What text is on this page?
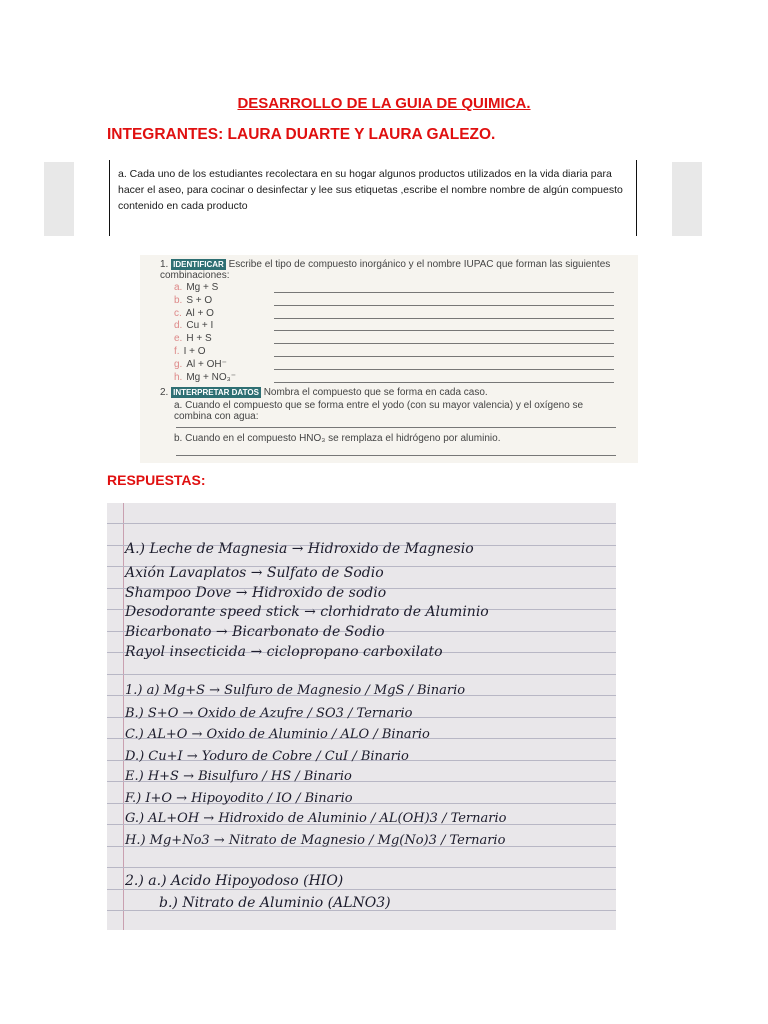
DESARROLLO DE LA GUIA DE QUIMICA.
INTEGRANTES: LAURA DUARTE Y LAURA GALEZO.
a. Cada uno de los estudiantes recolectara en su hogar algunos productos utilizados en la vida diaria para hacer el aseo, para cocinar o desinfectar y lee sus etiquetas ,escribe el nombre nombre de algún compuesto contenido en cada producto
1. IDENTIFICAR Escribe el tipo de compuesto inorgánico y el nombre IUPAC que forman las siguientes combinaciones:
a. Mg + S
b. S + O
c. Al + O
d. Cu + I
e. H + S
f. I + O
g. Al + OH⁻
h. Mg + NO₃⁻
2. INTERPRETAR DATOS Nombra el compuesto que se forma en cada caso.
a. Cuando el compuesto que se forma entre el yodo (con su mayor valencia) y el oxígeno se combina con agua:
b. Cuando en el compuesto HNO₃ se remplaza el hidrógeno por aluminio.
RESPUESTAS:
A.) Leche de Magnesia → Hidroxido de Magnesio
Axión Lavaplatos → Sulfato de Sodio
Shampoo Dove → Hidroxido de sodio
Desodorante speed stick → clorhidrato de Aluminio
Bicarbonato → Bicarbonato de Sodio
Rayol insecticida → ciclopropano carboxilato
1.) a) Mg+S → Sulfuro de Magnesio / MgS / Binario
B.) S+O → Oxido de Azufre / SO3 / Ternario
C.) AL+O → Oxido de Aluminio / ALO / Binario
D.) Cu+I → Yoduro de Cobre / CuI / Binario
E.) H+S → Bisulfuro / HS / Binario
F.) I+O → Hipoyodito / IO / Binario
G.) AL+OH → Hidroxido de Aluminio / AL(OH)3 / Ternario
H.) Mg+No3 → Nitrato de Magnesio / Mg(No)3 / Ternario
2.) a.) Acido Hipoyodoso (HIO)
b.) Nitrato de Aluminio (ALNO3)
